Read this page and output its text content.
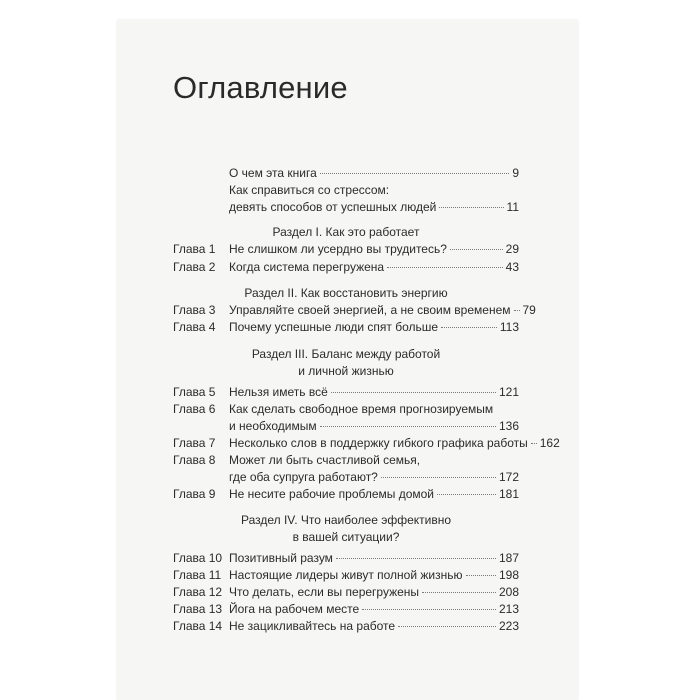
Оглавление
О чем эта книга	9
Как справиться со стрессом:
девять способов от успешных людей	11
Раздел I. Как это работает
Глава 1 Не слишком ли усердно вы трудитесь?	29
Глава 2 Когда система перегружена	43
Раздел II. Как восстановить энергию
Глава 3 Управляйте своей энергией, а не своим временем 79
Глава 4 Почему успешные люди спят больше	113
Раздел III. Баланс между работой
и личной жизнью
Глава 5 Нельзя иметь всё	121
Глава 6 Как сделать свободное время прогнозируемым
и необходимым	136
Глава 7 Несколько слов в поддержку гибкого графика работы 162
Глава 8 Может ли быть счастливой семья,
где оба супруга работают?	172
Глава 9 Не несите рабочие проблемы домой	181
Раздел IV. Что наиболее эффективно
в вашей ситуации?
Глава 10 Позитивный разум	187
Глава 11 Настоящие лидеры живут полной жизнью	198
Глава 12 Что делать, если вы перегружены	208
Глава 13 Йога на рабочем месте	213
Глава 14 Не зацикливайтесь на работе	223
